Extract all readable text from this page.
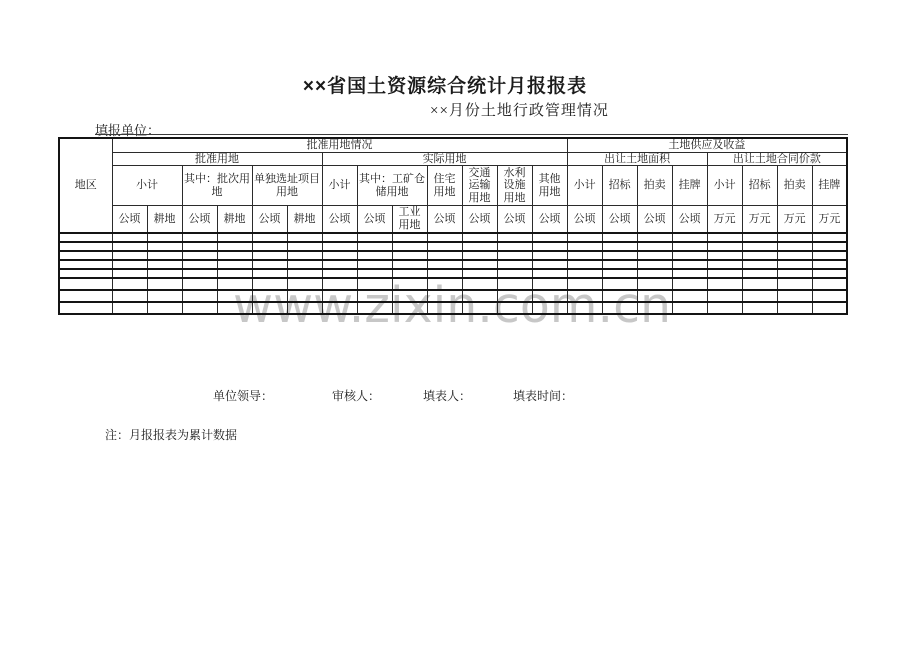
××省国土资源综合统计月报报表
××月份土地行政管理情况
填报单位：
www.zixin.com.cn
地区	批准用地情况													土地供应及收益							
	批准用地						实际用地							出让土地面积				出让土地合同价款			
	小计		其中：批次用地		单独选址项目用地		小计	其中：工矿仓储用地		住宅用地	交通运输用地	水利设施用地	其他用地	小计	招标	拍卖	挂牌	小计	招标	拍卖	挂牌
	公顷	耕地	公顷	耕地	公顷	耕地	公顷	公顷	工业用地	公顷	公顷	公顷	公顷	公顷	公顷	公顷	公顷	万元	万元	万元	万元

单位领导：	审核人：	填表人：	填表时间：
注：月报报表为累计数据
